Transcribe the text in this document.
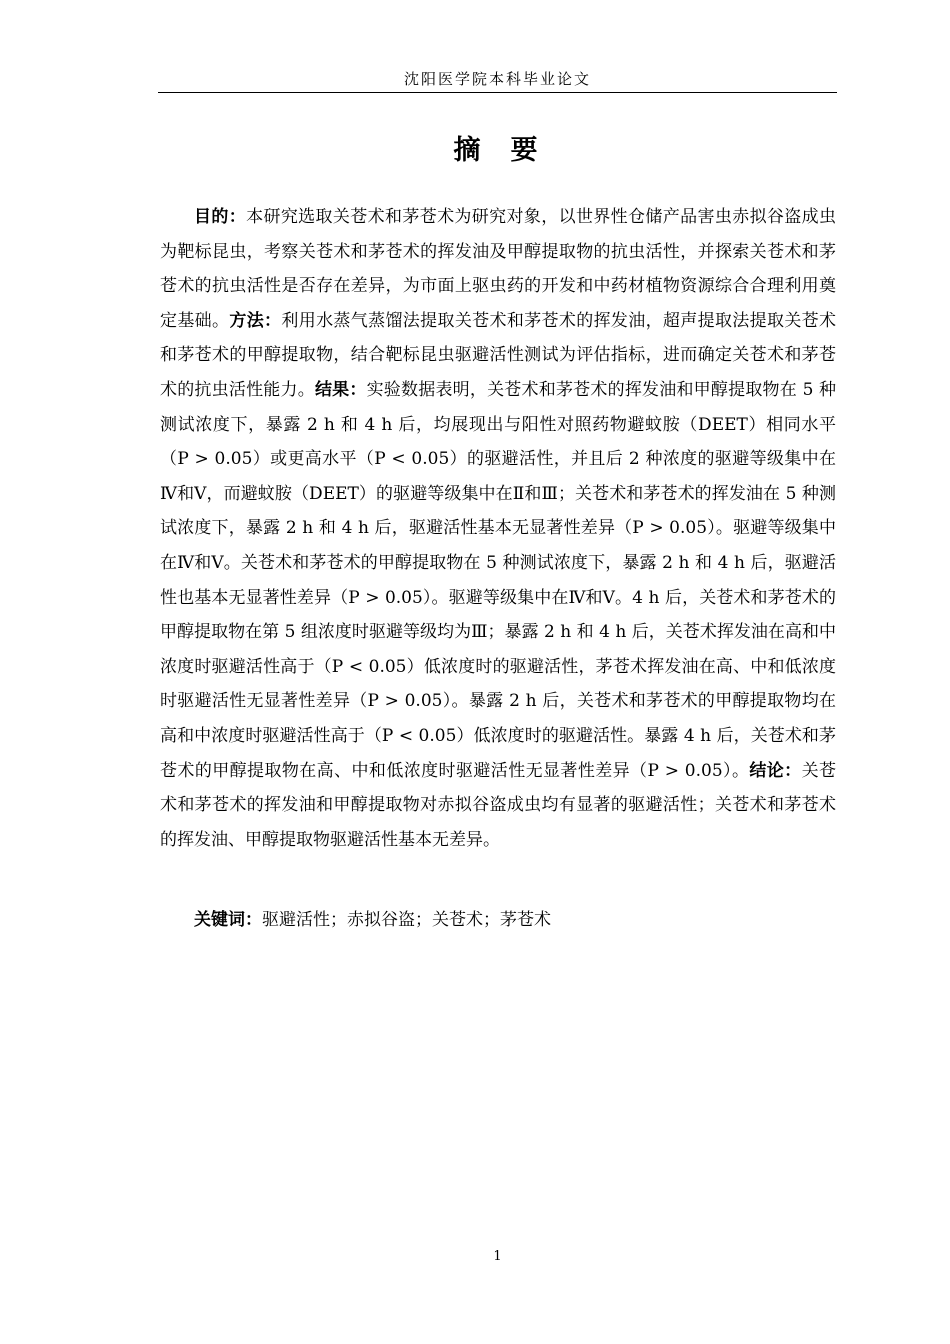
沈阳医学院本科毕业论文
摘 要

目的：本研究选取关苍术和茅苍术为研究对象，以世界性仓储产品害虫赤拟谷盗成虫为靶标昆虫，考察关苍术和茅苍术的挥发油及甲醇提取物的抗虫活性，并探索关苍术和茅苍术的抗虫活性是否存在差异，为市面上驱虫药的开发和中药材植物资源综合合理利用奠定基础。方法：利用水蒸气蒸馏法提取关苍术和茅苍术的挥发油，超声提取法提取关苍术和茅苍术的甲醇提取物，结合靶标昆虫驱避活性测试为评估指标，进而确定关苍术和茅苍术的抗虫活性能力。结果：实验数据表明，关苍术和茅苍术的挥发油和甲醇提取物在 5 种测试浓度下，暴露 2 h 和 4 h 后，均展现出与阳性对照药物避蚊胺（DEET）相同水平（P > 0.05）或更高水平（P < 0.05）的驱避活性，并且后 2 种浓度的驱避等级集中在Ⅳ和Ⅴ，而避蚊胺（DEET）的驱避等级集中在Ⅱ和Ⅲ；关苍术和茅苍术的挥发油在 5 种测试浓度下，暴露 2 h 和 4 h 后，驱避活性基本无显著性差异（P > 0.05）。驱避等级集中在Ⅳ和Ⅴ。关苍术和茅苍术的甲醇提取物在 5 种测试浓度下，暴露 2 h 和 4 h 后，驱避活性也基本无显著性差异（P > 0.05）。驱避等级集中在Ⅳ和Ⅴ。4 h 后，关苍术和茅苍术的甲醇提取物在第 5 组浓度时驱避等级均为Ⅲ；暴露 2 h 和 4 h 后，关苍术挥发油在高和中浓度时驱避活性高于（P < 0.05）低浓度时的驱避活性，茅苍术挥发油在高、中和低浓度时驱避活性无显著性差异（P > 0.05）。暴露 2 h 后，关苍术和茅苍术的甲醇提取物均在高和中浓度时驱避活性高于（P < 0.05）低浓度时的驱避活性。暴露 4 h 后，关苍术和茅苍术的甲醇提取物在高、中和低浓度时驱避活性无显著性差异（P > 0.05）。结论：关苍术和茅苍术的挥发油和甲醇提取物对赤拟谷盗成虫均有显著的驱避活性；关苍术和茅苍术的挥发油、甲醇提取物驱避活性基本无差异。

关键词：驱避活性；赤拟谷盗；关苍术；茅苍术

1
